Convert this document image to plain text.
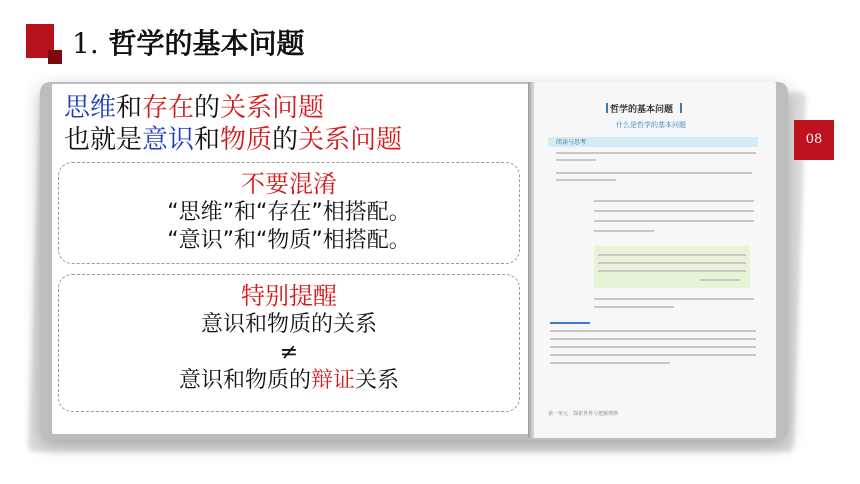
1. 哲学的基本问题
哲学的基本问题
什么是哲学的基本问题
阅读与思考
第一单元　探索世界与把握规律
08
思维和存在的关系问题
也就是意识和物质的关系问题
不要混淆
“思维”和“存在”相搭配。
“意识”和“物质”相搭配。
特别提醒
意识和物质的关系
≠
意识和物质的辩证关系
